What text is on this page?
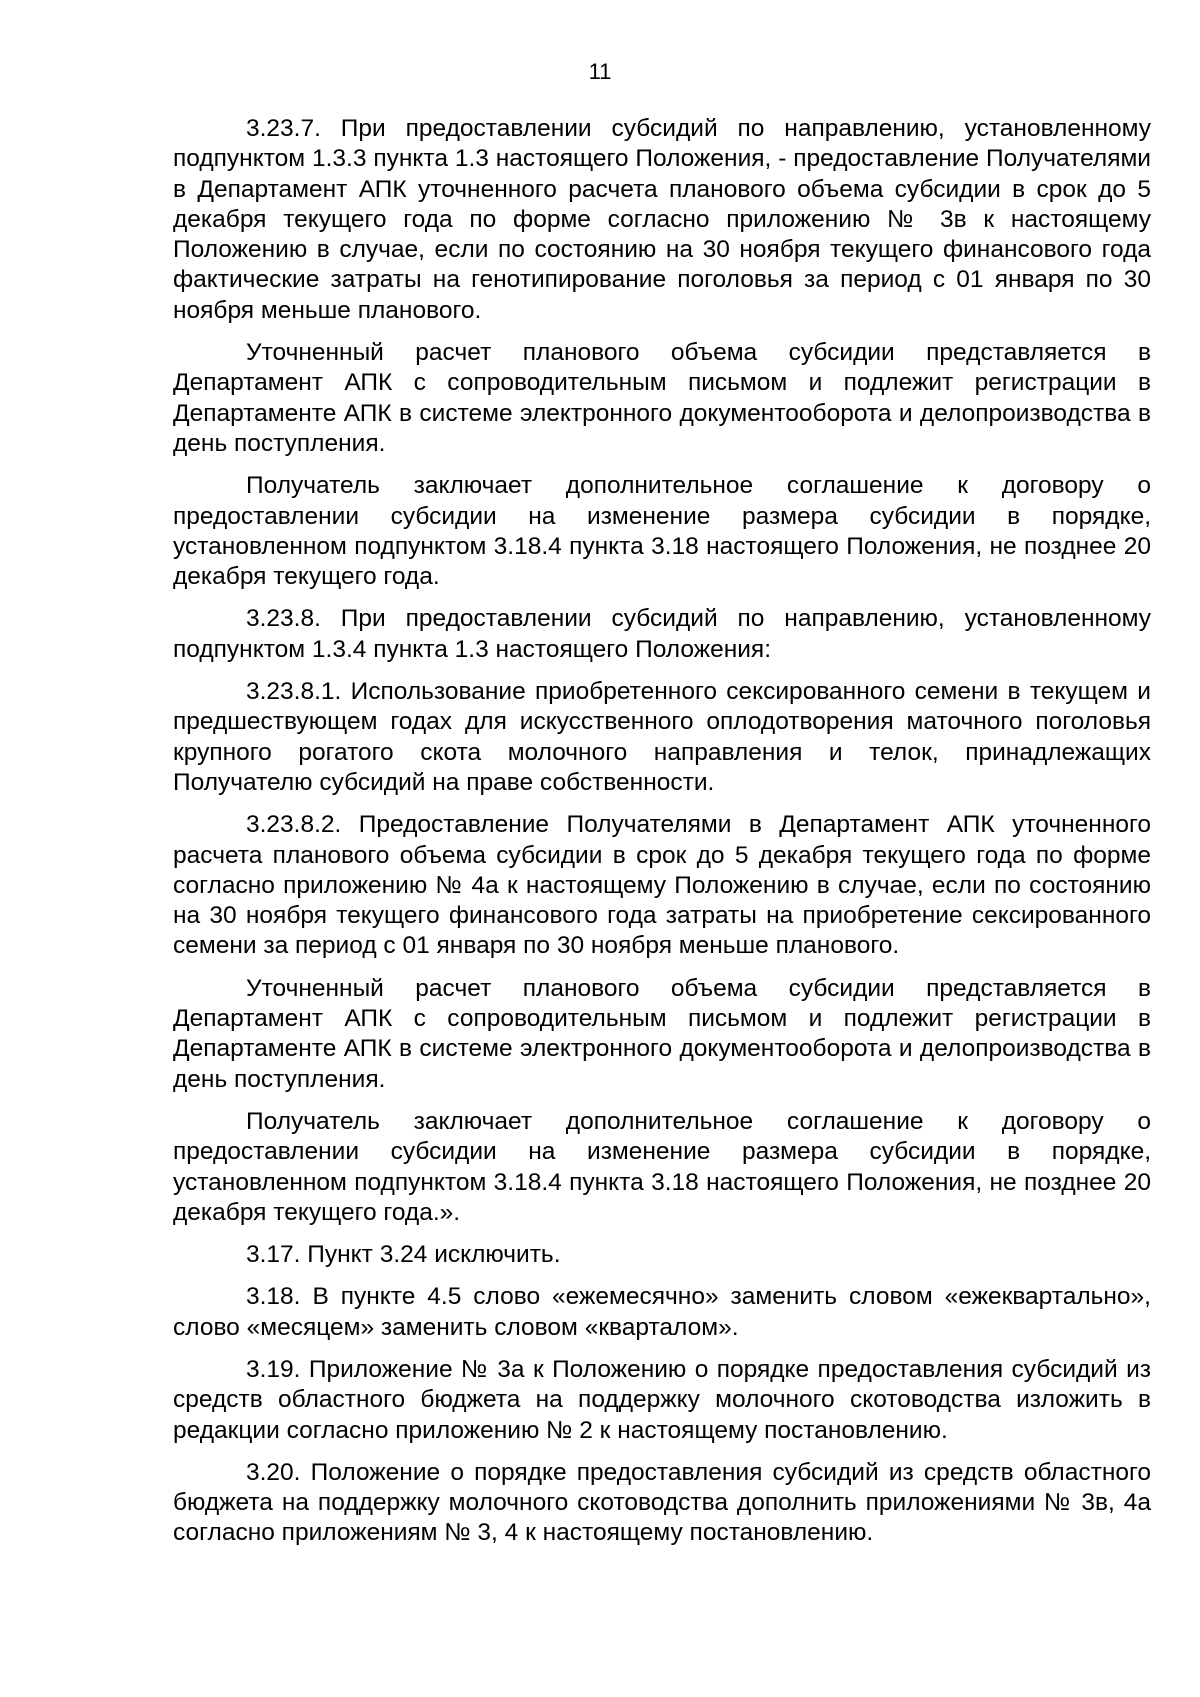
11

3.23.7. При предоставлении субсидий по направлению, установленному подпунктом 1.3.3 пункта 1.3 настоящего Положения, - предоставление Получателями в Департамент АПК уточненного расчета планового объема субсидии в срок до 5 декабря текущего года по форме согласно приложению № 3в к настоящему Положению в случае, если по состоянию на 30 ноября текущего финансового года фактические затраты на генотипирование поголовья за период с 01 января по 30 ноября меньше планового.

Уточненный расчет планового объема субсидии представляется в Департамент АПК с сопроводительным письмом и подлежит регистрации в Департаменте АПК в системе электронного документооборота и делопроизводства в день поступления.

Получатель заключает дополнительное соглашение к договору о предоставлении субсидии на изменение размера субсидии в порядке, установленном подпунктом 3.18.4 пункта 3.18 настоящего Положения, не позднее 20 декабря текущего года.

3.23.8. При предоставлении субсидий по направлению, установленному подпунктом 1.3.4 пункта 1.3 настоящего Положения:

3.23.8.1. Использование приобретенного сексированного семени в текущем и предшествующем годах для искусственного оплодотворения маточного поголовья крупного рогатого скота молочного направления и телок, принадлежащих Получателю субсидий на праве собственности.

3.23.8.2. Предоставление Получателями в Департамент АПК уточненного расчета планового объема субсидии в срок до 5 декабря текущего года по форме согласно приложению № 4а к настоящему Положению в случае, если по состоянию на 30 ноября текущего финансового года затраты на приобретение сексированного семени за период с 01 января по 30 ноября меньше планового.

Уточненный расчет планового объема субсидии представляется в Департамент АПК с сопроводительным письмом и подлежит регистрации в Департаменте АПК в системе электронного документооборота и делопроизводства в день поступления.

Получатель заключает дополнительное соглашение к договору о предоставлении субсидии на изменение размера субсидии в порядке, установленном подпунктом 3.18.4 пункта 3.18 настоящего Положения, не позднее 20 декабря текущего года.».

3.17. Пункт 3.24 исключить.

3.18. В пункте 4.5 слово «ежемесячно» заменить словом «ежеквартально», слово «месяцем» заменить словом «кварталом».

3.19. Приложение № 3а к Положению о порядке предоставления субсидий из средств областного бюджета на поддержку молочного скотоводства изложить в редакции согласно приложению № 2 к настоящему постановлению.

3.20. Положение о порядке предоставления субсидий из средств областного бюджета на поддержку молочного скотоводства дополнить приложениями № 3в, 4а согласно приложениям № 3, 4 к настоящему постановлению.
